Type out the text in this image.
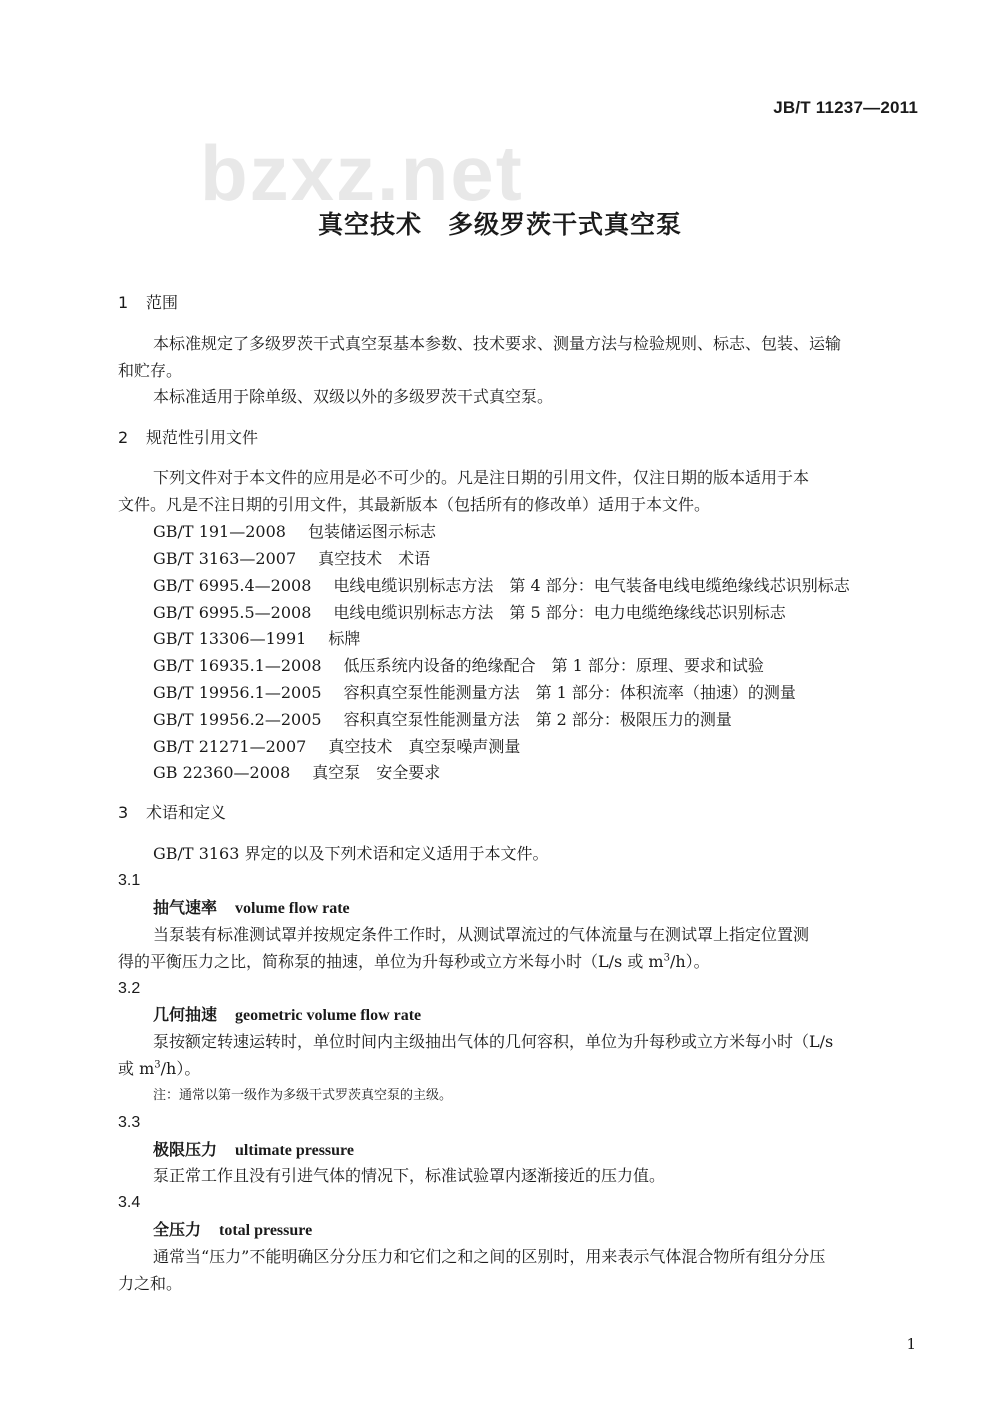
JB/T 11237—2011
bzxz.net
真空技术　多级罗茨干式真空泵
1 范围
本标准规定了多级罗茨干式真空泵基本参数、技术要求、测量方法与检验规则、标志、包装、运输
和贮存。
本标准适用于除单级、双级以外的多级罗茨干式真空泵。
2 规范性引用文件
下列文件对于本文件的应用是必不可少的。凡是注日期的引用文件，仅注日期的版本适用于本
文件。凡是不注日期的引用文件，其最新版本（包括所有的修改单）适用于本文件。
GB/T 191—2008 包装储运图示标志
GB/T 3163—2007 真空技术　术语
GB/T 6995.4—2008 电线电缆识别标志方法　第 4 部分：电气装备电线电缆绝缘线芯识别标志
GB/T 6995.5—2008 电线电缆识别标志方法　第 5 部分：电力电缆绝缘线芯识别标志
GB/T 13306—1991 标牌
GB/T 16935.1—2008 低压系统内设备的绝缘配合　第 1 部分：原理、要求和试验
GB/T 19956.1—2005 容积真空泵性能测量方法　第 1 部分：体积流率（抽速）的测量
GB/T 19956.2—2005 容积真空泵性能测量方法　第 2 部分：极限压力的测量
GB/T 21271—2007 真空技术　真空泵噪声测量
GB 22360—2008 真空泵　安全要求
3 术语和定义
GB/T 3163 界定的以及下列术语和定义适用于本文件。
3.1
抽气速率 volume flow rate
当泵装有标准测试罩并按规定条件工作时，从测试罩流过的气体流量与在测试罩上指定位置测
得的平衡压力之比，简称泵的抽速，单位为升每秒或立方米每小时（L/s 或 $m^3/h$）。
3.2
几何抽速 geometric volume flow rate
泵按额定转速运转时，单位时间内主级抽出气体的几何容积，单位为升每秒或立方米每小时（L/s
或 $m^3/h$）。
注：通常以第一级作为多级干式罗茨真空泵的主级。
3.3
极限压力 ultimate pressure
泵正常工作且没有引进气体的情况下，标准试验罩内逐渐接近的压力值。
3.4
全压力 total pressure
通常当“压力”不能明确区分分压力和它们之和之间的区别时，用来表示气体混合物所有组分分压
力之和。
1
